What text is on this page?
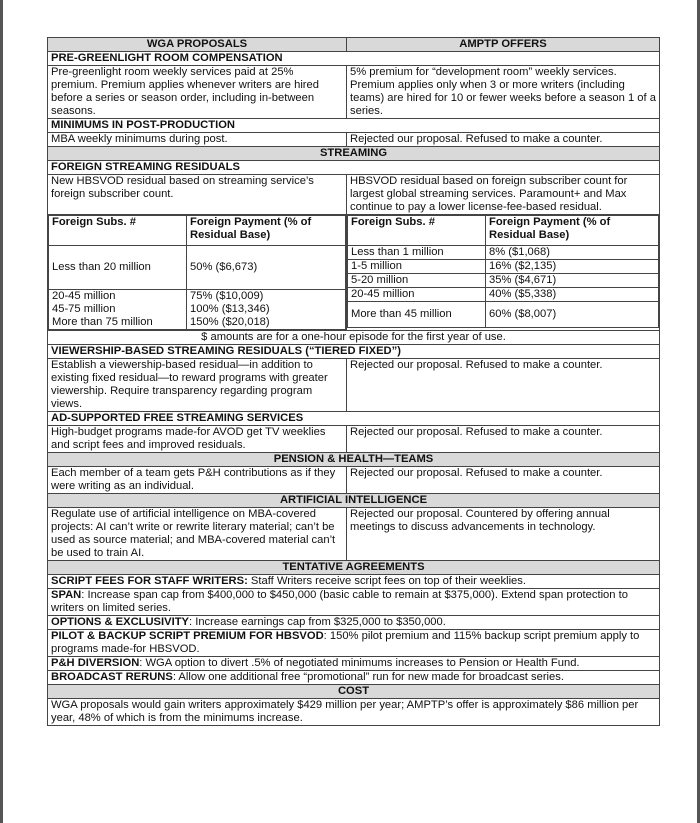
WGA PROPOSALS	AMPTP OFFERS
PRE-GREENLIGHT ROOM COMPENSATION
Pre-greenlight room weekly services paid at 25% premium. Premium applies whenever writers are hired before a series or season order, including in-between seasons.	5% premium for “development room” weekly services. Premium applies only when 3 or more writers (including teams) are hired for 10 or fewer weeks before a season 1 of a series.
MINIMUMS IN POST-PRODUCTION
MBA weekly minimums during post.	Rejected our proposal. Refused to make a counter.
STREAMING
FOREIGN STREAMING RESIDUALS
New HBSVOD residual based on streaming service’s foreign subscriber count.	HBSVOD residual based on foreign subscriber count for largest global streaming services. Paramount+ and Max continue to pay a lower license-fee-based residual.

Foreign Subs. #	Foreign Payment (% of Residual Base)
Less than 20 million	50% ($6,673)
20-45 million	75% ($10,009)
45-75 million	100% ($13,346)
More than 75 million	150% ($20,018)

Foreign Subs. #	Foreign Payment (% of Residual Base)
Less than 1 million	8% ($1,068)
1-5 million	16% ($2,135)
5-20 million	35% ($4,671)
20-45 million	40% ($5,338)
More than 45 million	60% ($8,007)

$ amounts are for a one-hour episode for the first year of use.
VIEWERSHIP-BASED STREAMING RESIDUALS (“TIERED FIXED”)
Establish a viewership-based residual—in addition to existing fixed residual—to reward programs with greater viewership. Require transparency regarding program views.	Rejected our proposal. Refused to make a counter.
AD-SUPPORTED FREE STREAMING SERVICES
High-budget programs made-for AVOD get TV weeklies and script fees and improved residuals.	Rejected our proposal. Refused to make a counter.
PENSION & HEALTH—TEAMS
Each member of a team gets P&H contributions as if they were writing as an individual.	Rejected our proposal. Refused to make a counter.
ARTIFICIAL INTELLIGENCE
Regulate use of artificial intelligence on MBA-covered projects: AI can’t write or rewrite literary material; can’t be used as source material; and MBA-covered material can’t be used to train AI.	Rejected our proposal. Countered by offering annual meetings to discuss advancements in technology.
TENTATIVE AGREEMENTS
SCRIPT FEES FOR STAFF WRITERS: Staff Writers receive script fees on top of their weeklies.
SPAN: Increase span cap from $400,000 to $450,000 (basic cable to remain at $375,000). Extend span protection to writers on limited series.
OPTIONS & EXCLUSIVITY: Increase earnings cap from $325,000 to $350,000.
PILOT & BACKUP SCRIPT PREMIUM FOR HBSVOD: 150% pilot premium and 115% backup script premium apply to programs made-for HBSVOD.
P&H DIVERSION: WGA option to divert .5% of negotiated minimums increases to Pension or Health Fund.
BROADCAST RERUNS: Allow one additional free “promotional” run for new made for broadcast series.
COST
WGA proposals would gain writers approximately $429 million per year; AMPTP’s offer is approximately $86 million per year, 48% of which is from the minimums increase.
